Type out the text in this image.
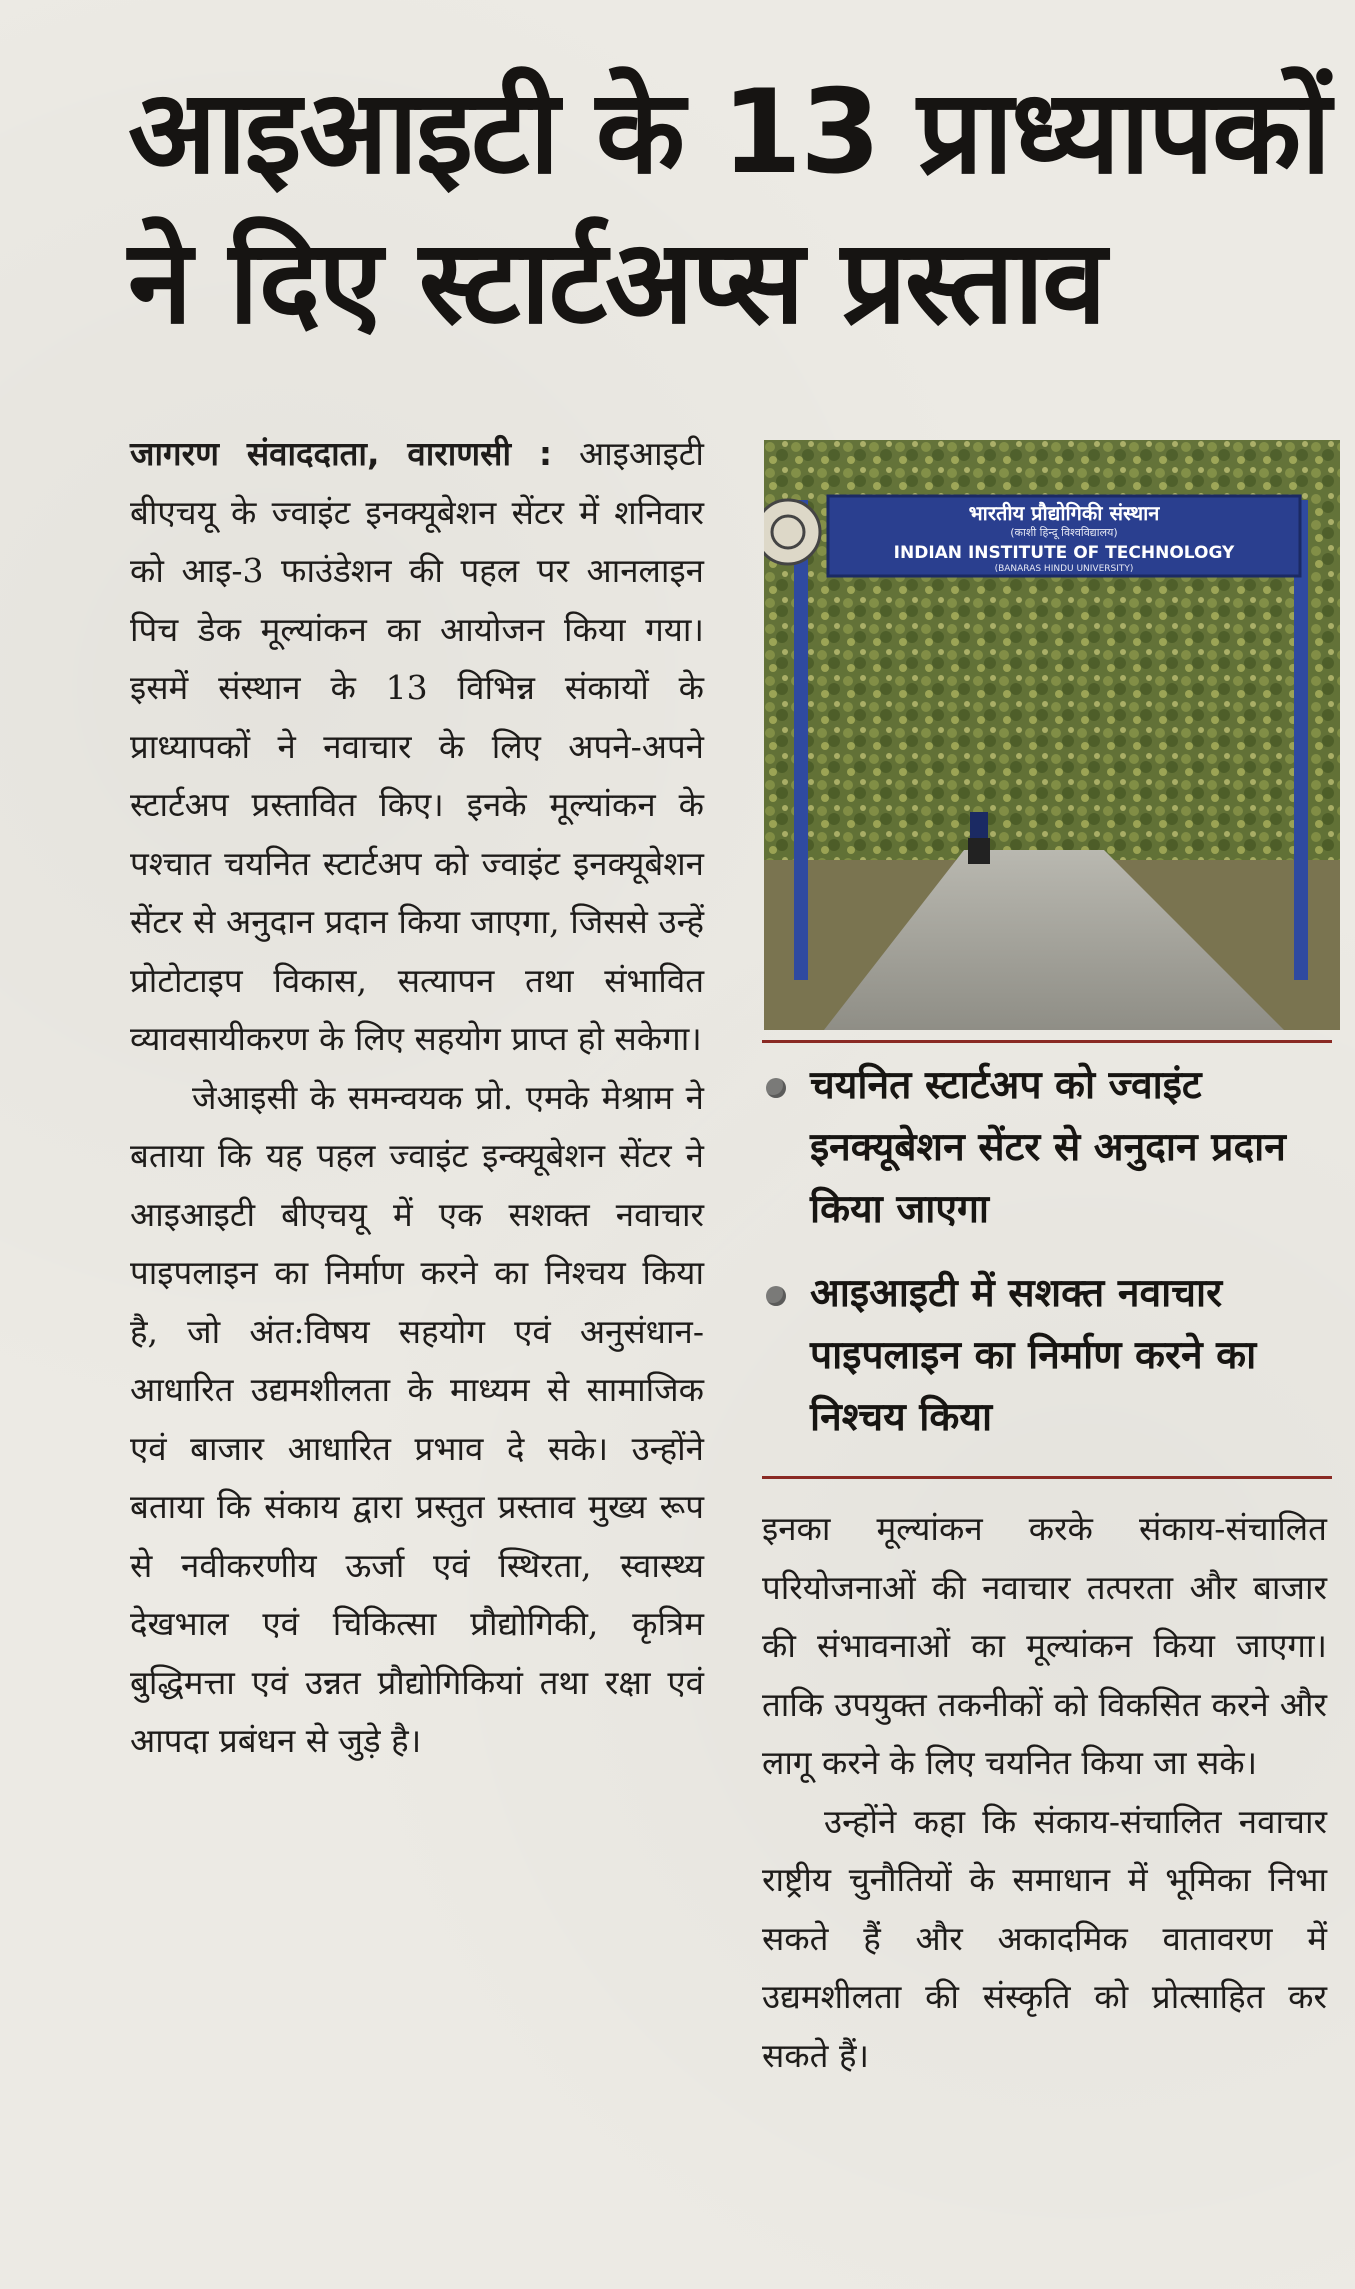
आइआइटी के 13 प्राध्यापकों
ने दिए स्टार्टअप्स प्रस्ताव

जागरण संवाददाता, वाराणसी : आइआइटी बीएचयू के ज्वाइंट इनक्यूबेशन सेंटर में शनिवार को आइ-3 फाउंडेशन की पहल पर आनलाइन पिच डेक मूल्यांकन का आयोजन किया गया। इसमें संस्थान के 13 विभिन्न संकायों के प्राध्यापकों ने नवाचार के लिए अपने-अपने स्टार्टअप प्रस्तावित किए। इनके मूल्यांकन के पश्चात चयनित स्टार्टअप को ज्वाइंट इनक्यूबेशन सेंटर से अनुदान प्रदान किया जाएगा, जिससे उन्हें प्रोटोटाइप विकास, सत्यापन तथा संभावित व्यावसायीकरण के लिए सहयोग प्राप्त हो सकेगा।

जेआइसी के समन्वयक प्रो. एमके मेश्राम ने बताया कि यह पहल ज्वाइंट इन्क्यूबेशन सेंटर ने आइआइटी बीएचयू में एक सशक्त नवाचार पाइपलाइन का निर्माण करने का निश्चय किया है, जो अंत:विषय सहयोग एवं अनुसंधान-आधारित उद्यमशीलता के माध्यम से सामाजिक एवं बाजार आधारित प्रभाव दे सके। उन्होंने बताया कि संकाय द्वारा प्रस्तुत प्रस्ताव मुख्य रूप से नवीकरणीय ऊर्जा एवं स्थिरता, स्वास्थ्य देखभाल एवं चिकित्सा प्रौद्योगिकी, कृत्रिम बुद्धिमत्ता एवं उन्नत प्रौद्योगिकियां तथा रक्षा एवं आपदा प्रबंधन से जुड़े है।

भारतीय प्रौद्योगिकी संस्थान
(काशी हिन्दू विश्वविद्यालय)
INDIAN INSTITUTE OF TECHNOLOGY
(BANARAS HINDU UNIVERSITY)
चयनित स्टार्टअप को ज्वाइंट इनक्यूबेशन सेंटर से अनुदान प्रदान किया जाएगा
आइआइटी में सशक्त नवाचार पाइपलाइन का निर्माण करने का निश्चय किया

इनका मूल्यांकन करके संकाय-संचालित परियोजनाओं की नवाचार तत्परता और बाजार की संभावनाओं का मूल्यांकन किया जाएगा। ताकि उपयुक्त तकनीकों को विकसित करने और लागू करने के लिए चयनित किया जा सके।

उन्होंने कहा कि संकाय-संचालित नवाचार राष्ट्रीय चुनौतियों के समाधान में भूमिका निभा सकते हैं और अकादमिक वातावरण में उद्यमशीलता की संस्कृति को प्रोत्साहित कर सकते हैं।
